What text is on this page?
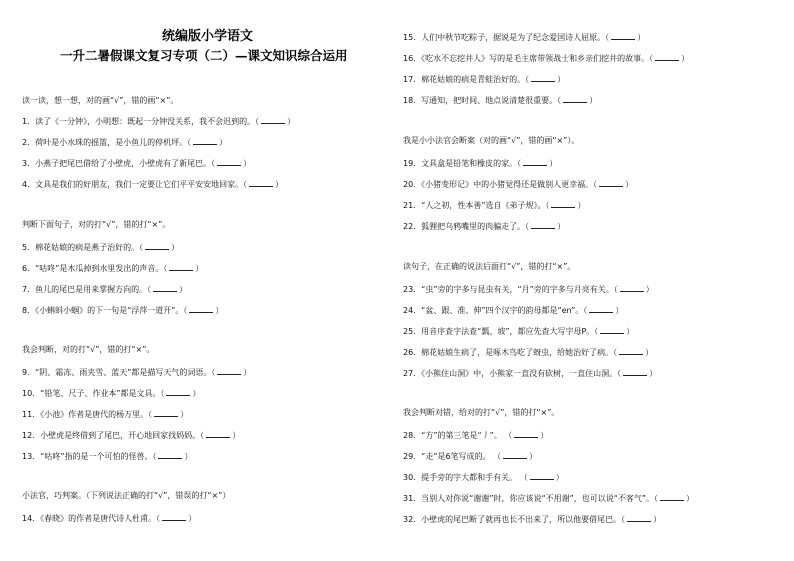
统编版小学语文
一升二暑假课文复习专项（二）—课文知识综合运用
读一读，想一想，对的画“√”，错的画“×”。
1．读了《一分钟》，小明想：既起一分钟没关系，我不会迟到的。（	）
2．荷叶是小水珠的摇篮，是小鱼儿的停机坪。（	）
3．小燕子把尾巴借给了小壁虎，小壁虎有了新尾巴。（	）
4．文具是我们的好朋友，我们一定要让它们平平安安地回家。（	）
判断下面句子，对的打“√”，错的打“×”。
5．棉花姑娘的病是燕子治好的。（	）
6．“咕咚”是木瓜掉到水里发出的声音。（	）
7．鱼儿的尾巴是用来掌握方向的。（	）
8．《小蝌蚪小蝈》的下一句是“浮萍一道开”。（	）
我会判断，对的打“√”，错的打“×”。
9．“阴、霜冻、雨夹雪、蓝天”都是描写天气的词语。（	）
10．“铅笔、尺子、作业本”都是文具。（	）
11．《小池》作者是唐代的杨万里。（	）
12．小壁虎是终借到了尾巴，开心地回家找妈妈。（	）
13．“咕咚”指的是一个可怕的怪兽。（	）
小法官，巧判案。（下列说法正确的打“√”，错误的打“×”）
14．《春晓》的作者是唐代诗人杜甫。（	）
15．人们中秋节吃粽子，据说是为了纪念爱国诗人屈原。（	）
16．《吃水不忘挖井人》写的是毛主席带领战士和乡亲们挖井的故事。（	）
17．棉花姑娘的病是青蛙治好的。（	）
18．写通知，把时间、地点说清楚很重要。（	）
我是小小法官会断案（对的画“√”，错的画“×”）。
19．文具盒是铅笔和橡皮的家。（	）
20．《小猪变形记》中的小猪觉得还是做别人更幸福。（	）
21．“人之初，性本善”选自《弟子规》。（	）
22．狐狸把乌鸦嘴里的肉骗走了。（	）
读句子，在正确的说法后面打“√”，错的打“×”。
23．“虫”旁的字多与昆虫有关，“月”旁的字多与月亮有关。（	）
24．“盆、跟、准、伸”四个汉字的韵母都是“en”。（	）
25．用音序查字法查“瓢、坡”，都应先查大写字母P。（	）
26．棉花姑娘生病了，是啄木鸟吃了蚜虫，给她治好了病。（	）
27．《小熊住山洞》中，小熊家一直没有砍树，一直住山洞。（	）
我会判断对错，给对的打“√”，错的打“×”。
28．“方”的第三笔是“丿”。 （	）
29．“走”是6笔写成的。 （	）
30．提手旁的字大都和手有关。 （	）
31．当别人对你说“谢谢”时，你应该说“不用谢”，也可以说“不客气”。（	）
32．小壁虎的尾巴断了就再也长不出来了，所以他要借尾巴。（	）
